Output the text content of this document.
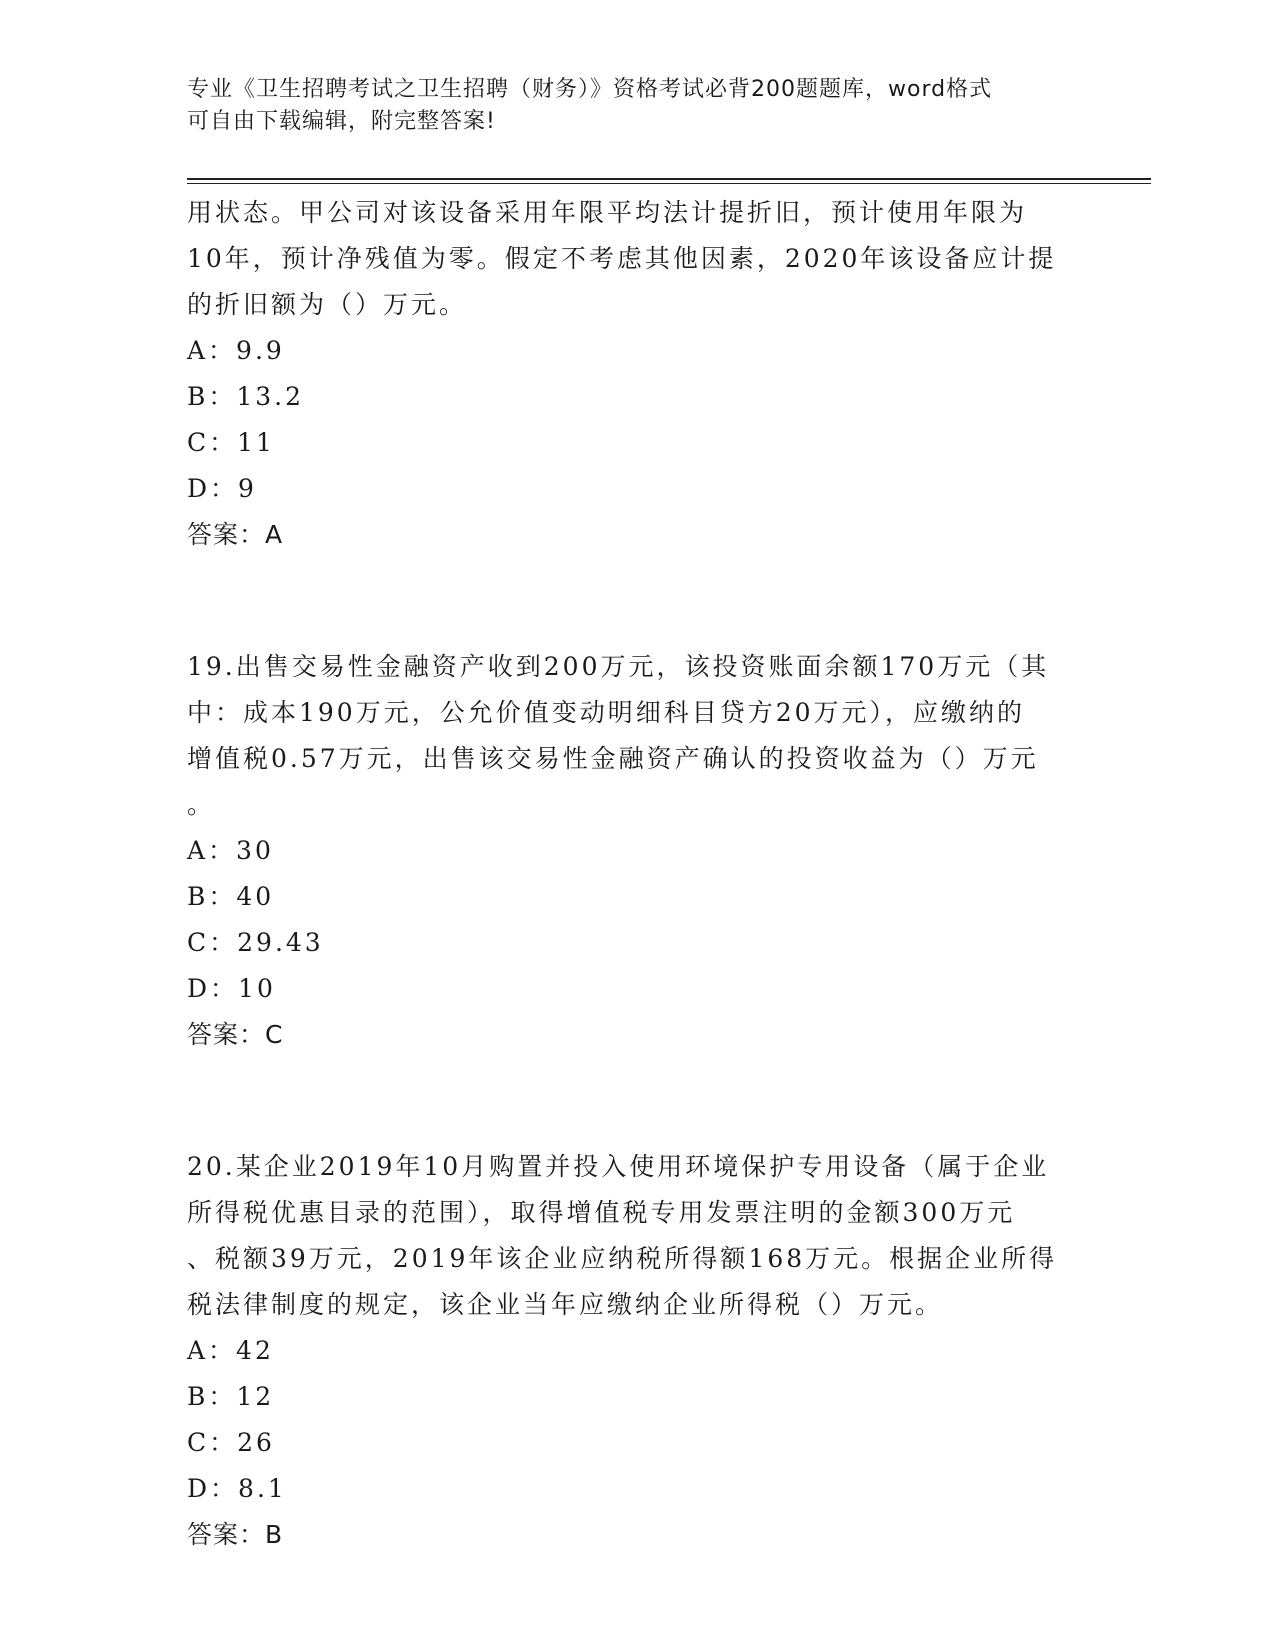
专业《卫生招聘考试之卫生招聘（财务）》资格考试必背200题题库，word格式
可自由下载编辑，附完整答案!
用状态。甲公司对该设备采用年限平均法计提折旧，预计使用年限为
10年，预计净残值为零。假定不考虑其他因素，2020年该设备应计提
的折旧额为（）万元。
A：9.9
B：13.2
C：11
D：9
答案：A
19.出售交易性金融资产收到200万元，该投资账面余额170万元（其
中：成本190万元，公允价值变动明细科目贷方20万元），应缴纳的
增值税0.57万元，出售该交易性金融资产确认的投资收益为（）万元
。
A：30
B：40
C：29.43
D：10
答案：C
20.某企业2019年10月购置并投入使用环境保护专用设备（属于企业
所得税优惠目录的范围），取得增值税专用发票注明的金额300万元
、税额39万元，2019年该企业应纳税所得额168万元。根据企业所得
税法律制度的规定，该企业当年应缴纳企业所得税（）万元。
A：42
B：12
C：26
D：8.1
答案：B
